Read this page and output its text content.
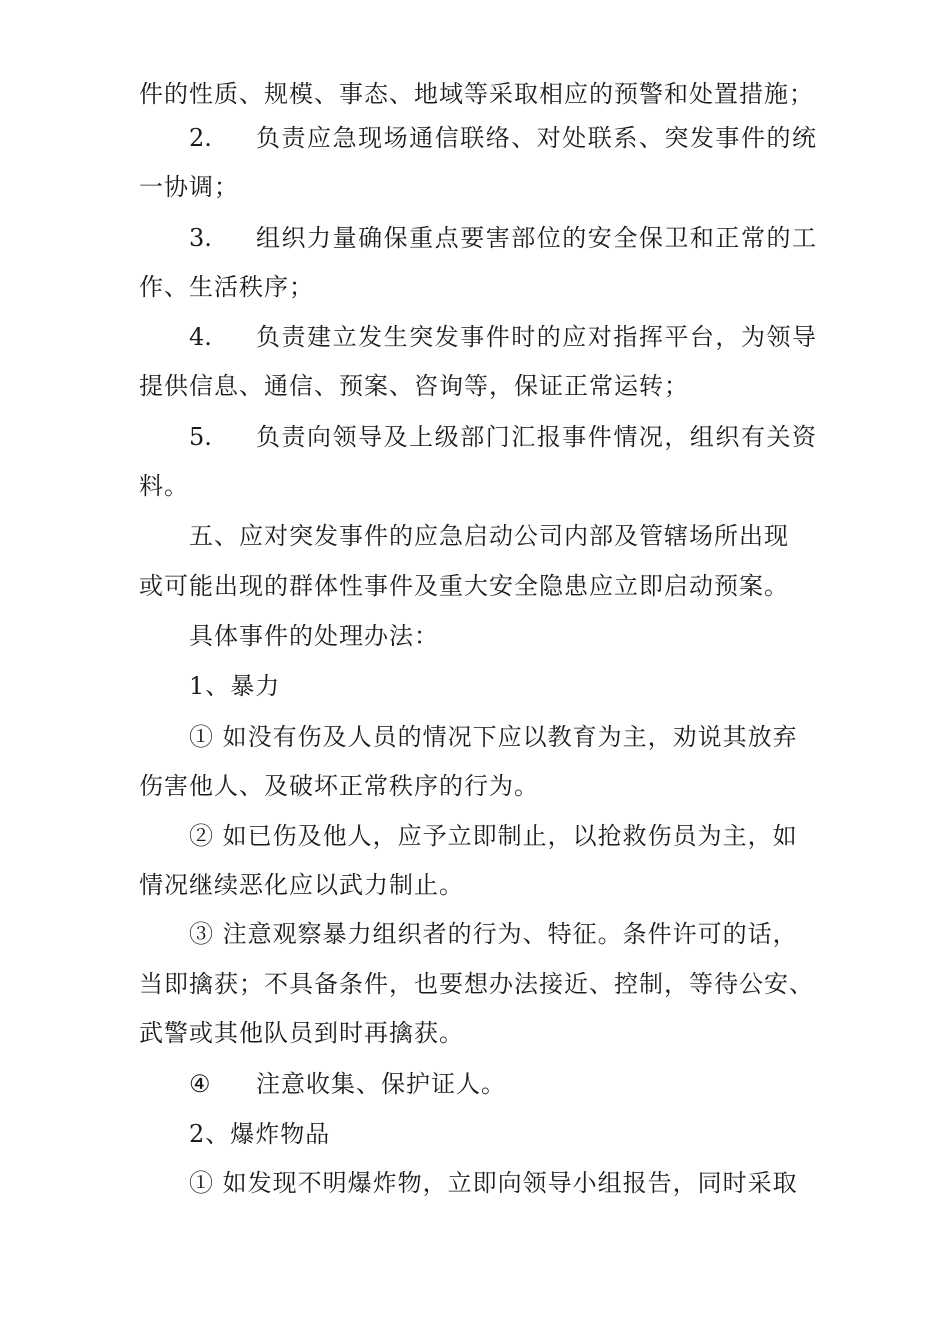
件的性质、规模、事态、地域等采取相应的预警和处置措施；
2. 负责应急现场通信联络、对处联系、突发事件的统
一协调；
3. 组织力量确保重点要害部位的安全保卫和正常的工
作、生活秩序；
4. 负责建立发生突发事件时的应对指挥平台，为领导
提供信息、通信、预案、咨询等，保证正常运转；
5. 负责向领导及上级部门汇报事件情况，组织有关资
料。
五、应对突发事件的应急启动公司内部及管辖场所出现
或可能出现的群体性事件及重大安全隐患应立即启动预案。
具体事件的处理办法：
1、暴力
① 如没有伤及人员的情况下应以教育为主，劝说其放弃
伤害他人、及破坏正常秩序的行为。
② 如已伤及他人，应予立即制止，以抢救伤员为主，如
情况继续恶化应以武力制止。
③ 注意观察暴力组织者的行为、特征。条件许可的话，
当即擒获；不具备条件，也要想办法接近、控制，等待公安、
武警或其他队员到时再擒获。
④ 注意收集、保护证人。
2、爆炸物品
① 如发现不明爆炸物，立即向领导小组报告，同时采取
